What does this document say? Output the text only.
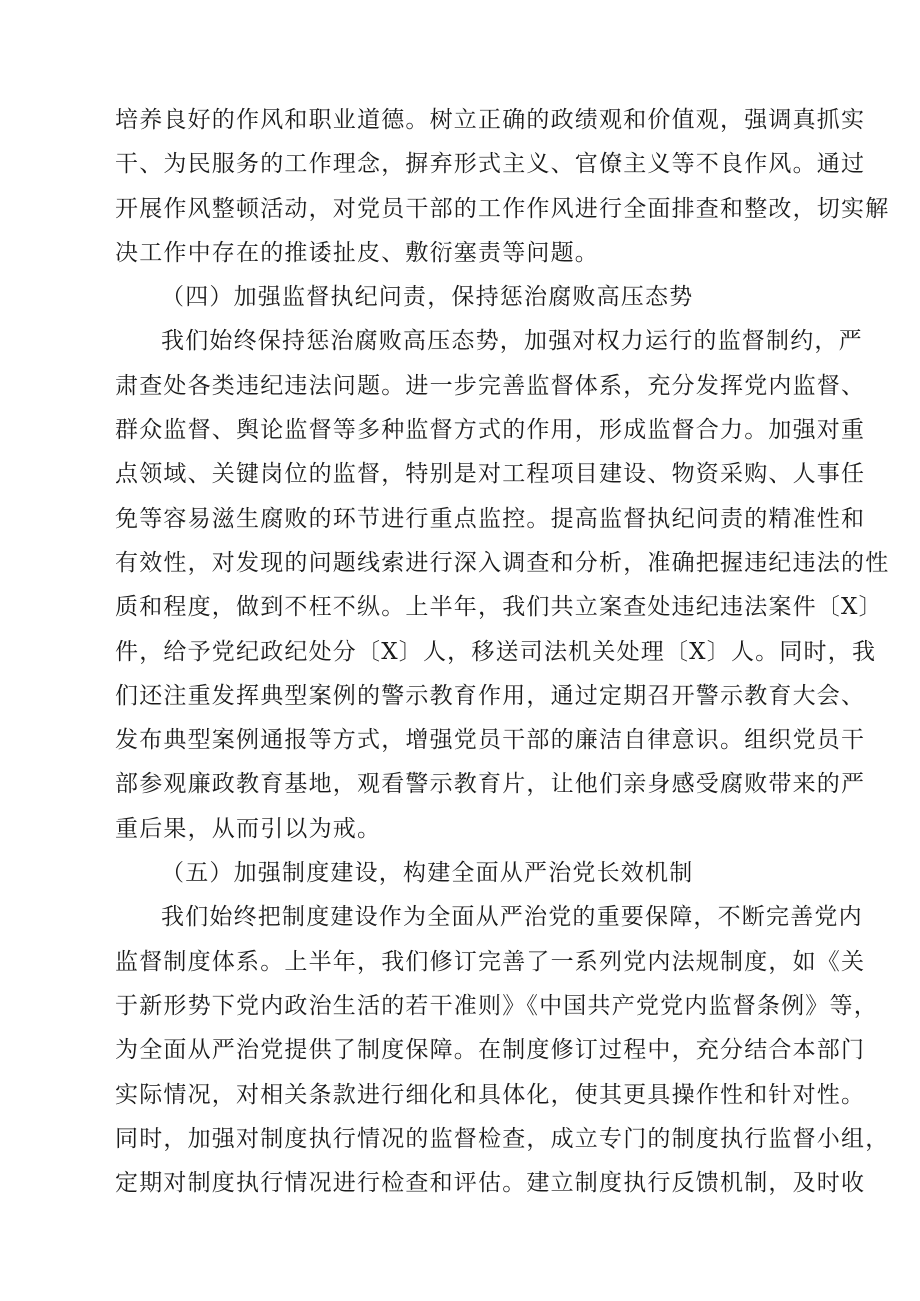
培养良好的作风和职业道德。树立正确的政绩观和价值观，强调真抓实
干、为民服务的工作理念，摒弃形式主义、官僚主义等不良作风。通过
开展作风整顿活动，对党员干部的工作作风进行全面排查和整改，切实解
决工作中存在的推诿扯皮、敷衍塞责等问题。
（四）加强监督执纪问责，保持惩治腐败高压态势
我们始终保持惩治腐败高压态势，加强对权力运行的监督制约，严
肃查处各类违纪违法问题。进一步完善监督体系，充分发挥党内监督、
群众监督、舆论监督等多种监督方式的作用，形成监督合力。加强对重
点领域、关键岗位的监督，特别是对工程项目建设、物资采购、人事任
免等容易滋生腐败的环节进行重点监控。提高监督执纪问责的精准性和
有效性，对发现的问题线索进行深入调查和分析，准确把握违纪违法的性
质和程度，做到不枉不纵。上半年，我们共立案查处违纪违法案件〔X〕
件，给予党纪政纪处分〔X〕人，移送司法机关处理〔X〕人。同时，我
们还注重发挥典型案例的警示教育作用，通过定期召开警示教育大会、
发布典型案例通报等方式，增强党员干部的廉洁自律意识。组织党员干
部参观廉政教育基地，观看警示教育片，让他们亲身感受腐败带来的严
重后果，从而引以为戒。
（五）加强制度建设，构建全面从严治党长效机制
我们始终把制度建设作为全面从严治党的重要保障，不断完善党内
监督制度体系。上半年，我们修订完善了一系列党内法规制度，如《关
于新形势下党内政治生活的若干准则》《中国共产党党内监督条例》等，
为全面从严治党提供了制度保障。在制度修订过程中，充分结合本部门
实际情况，对相关条款进行细化和具体化，使其更具操作性和针对性。
同时，加强对制度执行情况的监督检查，成立专门的制度执行监督小组，
定期对制度执行情况进行检查和评估。建立制度执行反馈机制，及时收
